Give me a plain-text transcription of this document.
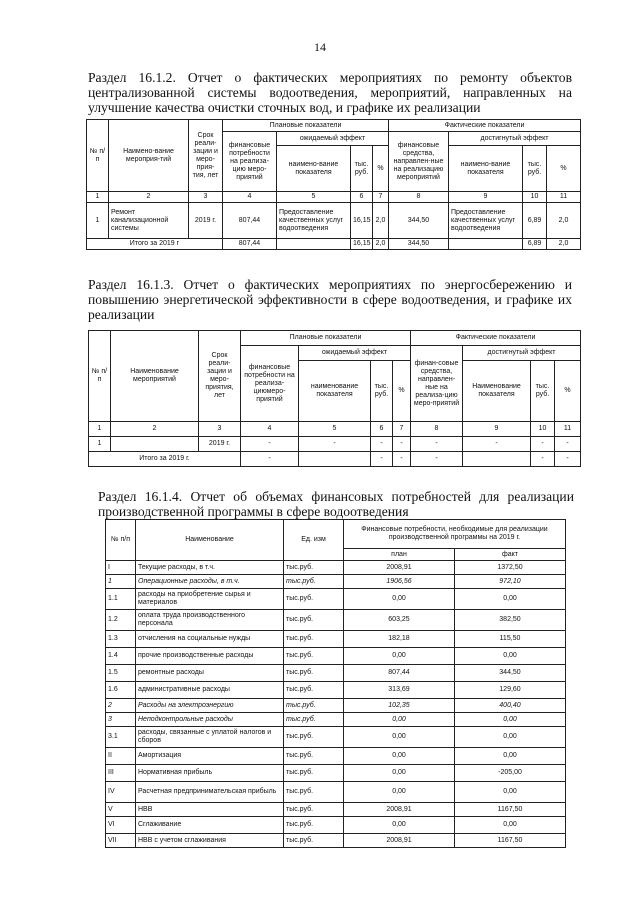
14
Раздел 16.1.2. Отчет о фактических мероприятиях по ремонту объектов централизованной системы водоотведения, мероприятий, направленных на улучшение качества очистки сточных вод, и графике их реализации
№ п/п	Наимено-вание мероприя-тий	Срок реали-зации и меро-прия-тия, лет	Плановые показатели				Фактические показатели			
			финансовые потребности на реализа-цию меро-приятий	ожидаемый эффект			финансовые средства, направлен-ные на реализацию мероприятий	достигнутый эффект		
				наимено-вание показателя	тыс. руб.	%		наимено-вание показателя	тыс. руб.	%
1	2	3	4	5	6	7	8	9	10	11
1	Ремонт канализационной системы	2019 г.	807,44	Предоставление качественных услуг водоотведения	16,15	2,0	344,50	Предоставление качественных услуг водоотведения	6,89	2,0
Итого за 2019 г			807,44		16,15	2,0	344,50		6,89	2,0
Раздел 16.1.3. Отчет о фактических мероприятиях по энергосбережению и повышению энергетической эффективности в сфере водоотведения, и графике их реализации
№ п/п	Наименование мероприятий	Срок реали-зации и меро-приятия, лет	Плановые показатели				Фактические показатели			
			финансовые потребности на реализа-циюмеро-приятий	ожидаемый эффект			финан-совые средства, направлен-ные на реализа-цию меро-приятий	достигнутый эффект		
				наименование показателя	тыс. руб.	%		Наименование показателя	тыс. руб.	%
1	2	3	4	5	6	7	8	9	10	11
1		2019 г.	-	-	-	-	-	-	-	-
Итого за 2019 г.			-		-	-	-		-	-
Раздел 16.1.4. Отчет об объемах финансовых потребностей для реализации производственной программы в сфере водоотведения
№ п/п	Наименование	Ед. изм	Финансовые потребности, необходимые для реализации производственной программы на 2019 г.	
			план	факт
I	Текущие расходы, в т.ч.	тыс.руб.	2008,91	1372,50
1	Операционные расходы, в т.ч.	тыс.руб.	1906,56	972,10
1.1	расходы на приобретение сырья и материалов	тыс.руб.	0,00	0,00
1.2	оплата труда производственного персонала	тыс.руб.	603,25	382,50
1.3	отчисления на социальные нужды	тыс.руб.	182,18	115,50
1.4	прочие производственные расходы	тыс.руб.	0,00	0,00
1.5	ремонтные расходы	тыс.руб.	807,44	344,50
1.6	административные расходы	тыс.руб.	313,69	129,60
2	Расходы на электроэнергию	тыс.руб.	102,35	400,40
3	Неподконтрольные расходы	тыс.руб.	0,00	0,00
3.1	расходы, связанные с уплатой налогов и сборов	тыс.руб.	0,00	0,00
II	Амортизация	тыс.руб.	0,00	0,00
III	Нормативная прибыль	тыс.руб.	0,00	-205,00
IV	Расчетная предпринимательская прибыль	тыс.руб.	0,00	0,00
V	НВВ	тыс.руб.	2008,91	1167,50
VI	Сглаживание	тыс.руб.	0,00	0,00
VII	НВВ с учетом сглаживания	тыс.руб.	2008,91	1167,50
